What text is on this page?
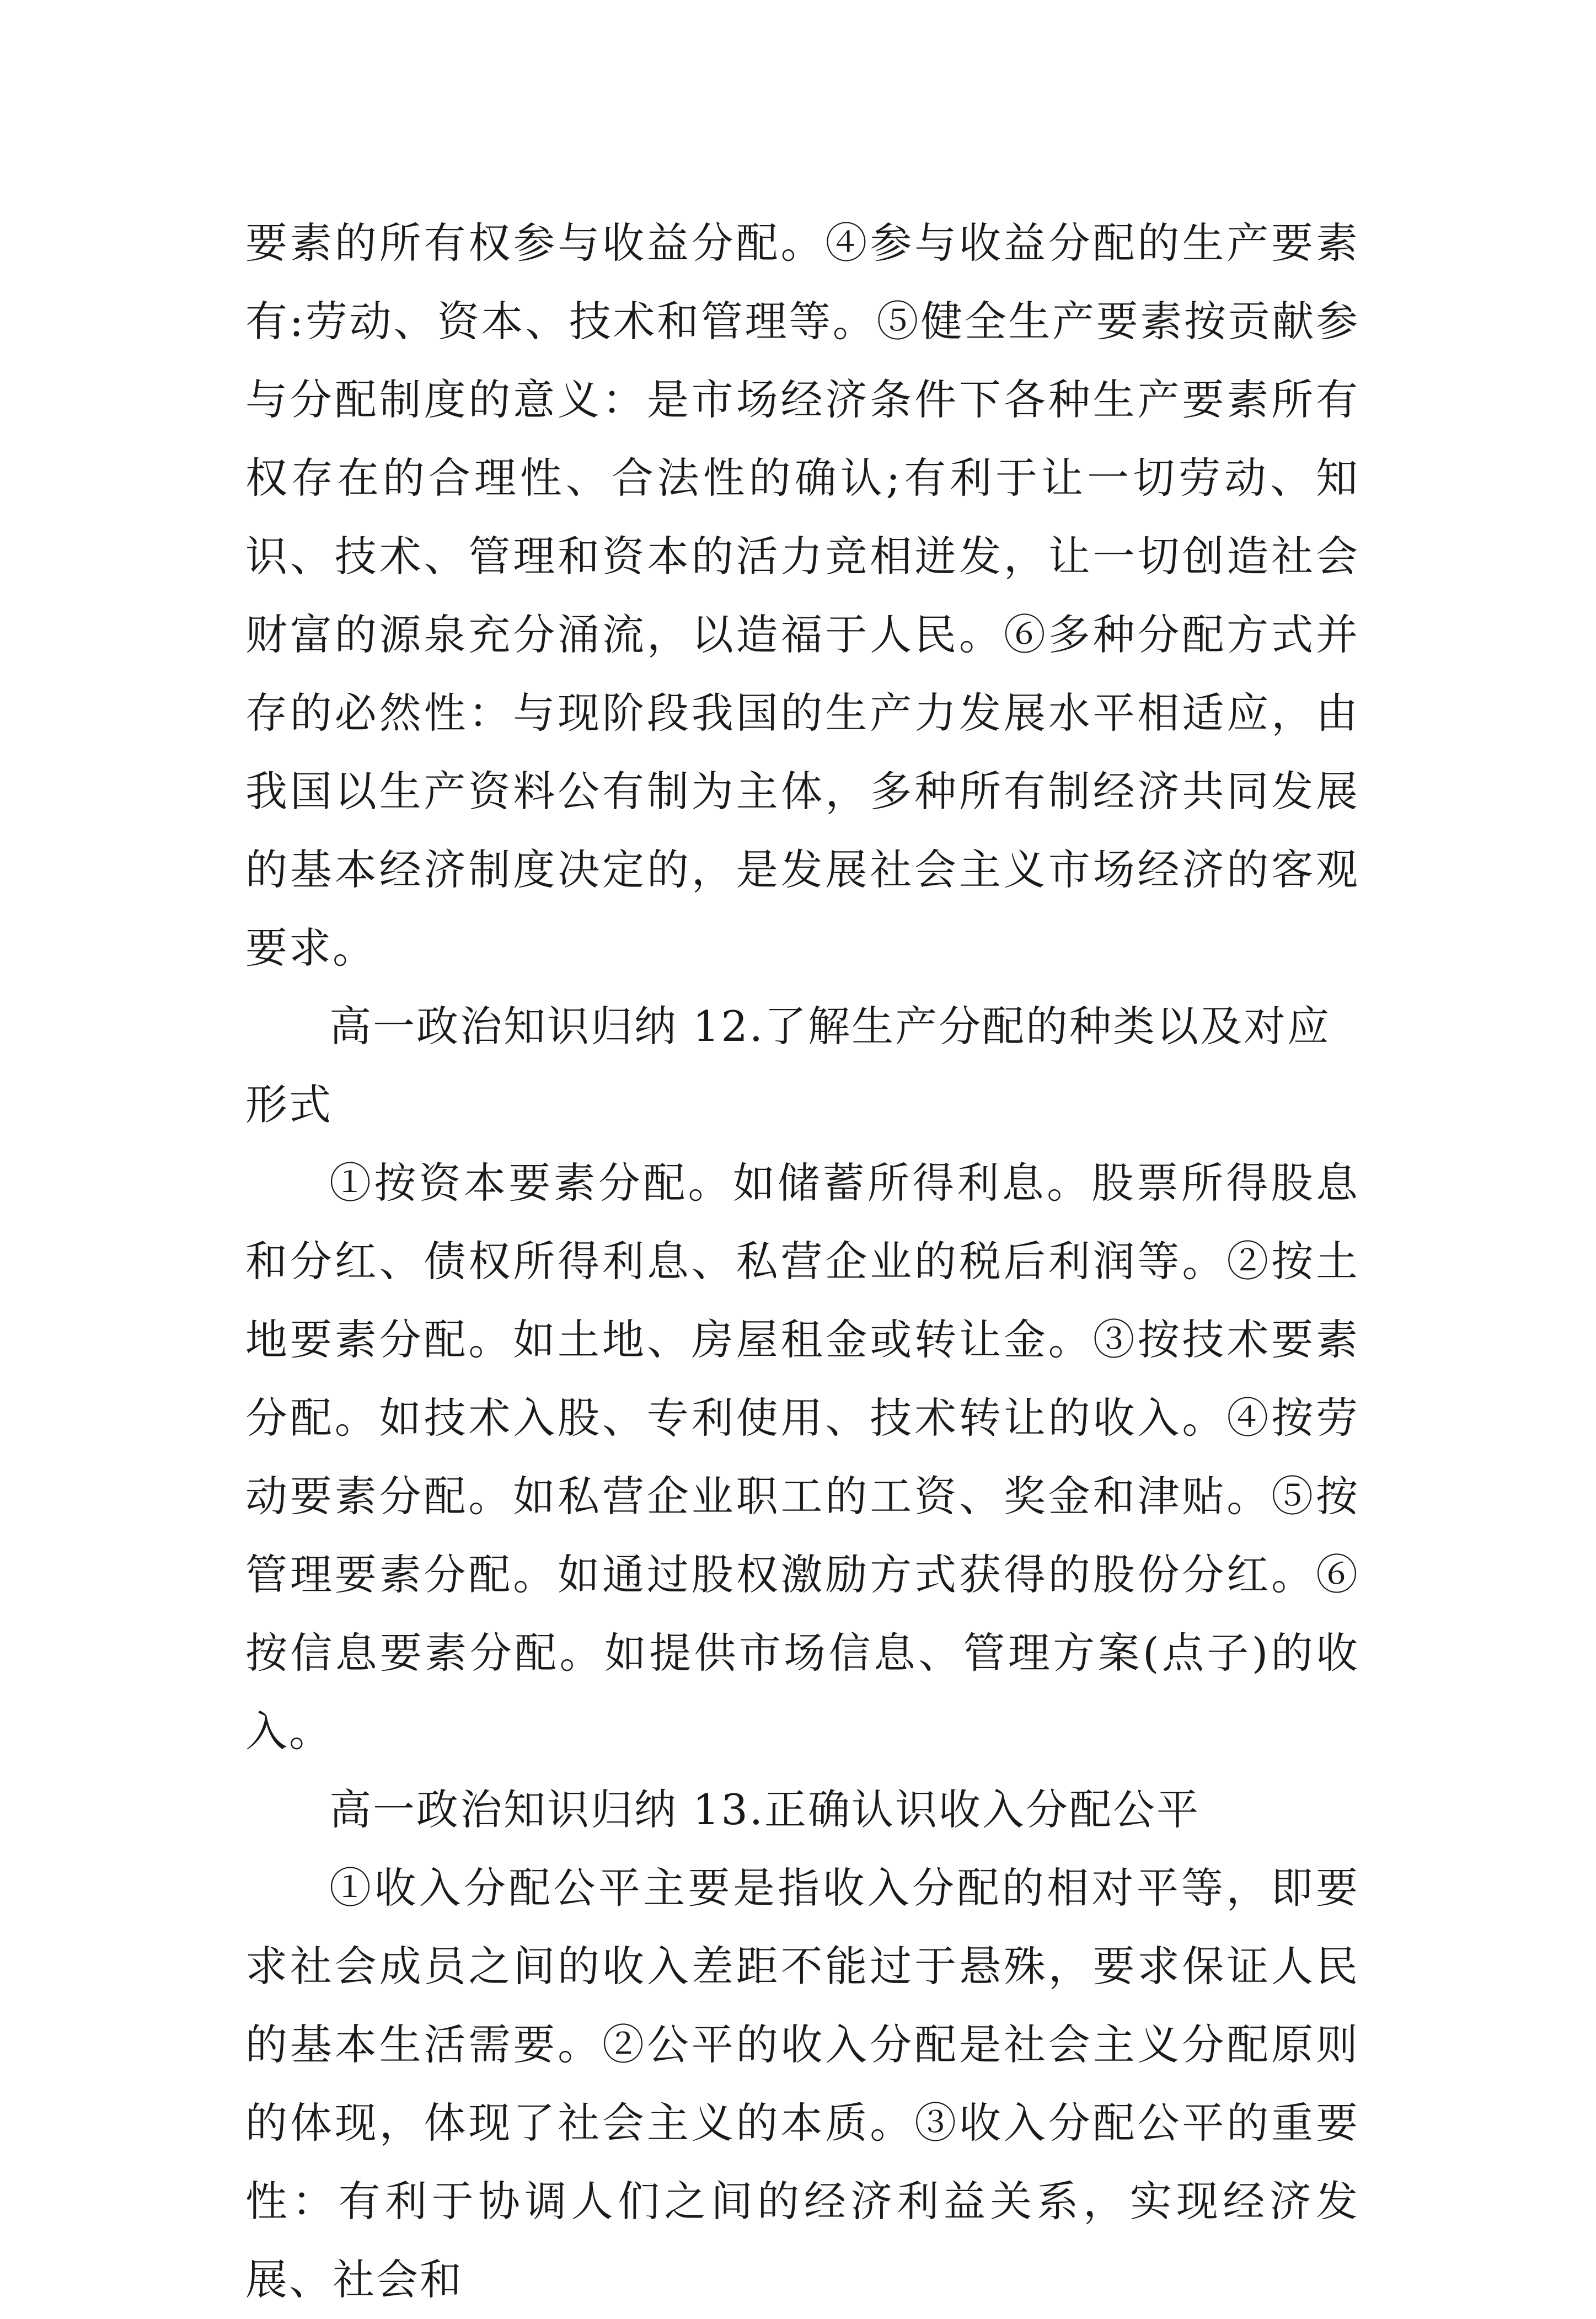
要素的所有权参与收益分配。④参与收益分配的生产要素有:劳动、资本、技术和管理等。⑤健全生产要素按贡献参与分配制度的意义：是市场经济条件下各种生产要素所有权存在的合理性、合法性的确认;有利于让一切劳动、知识、技术、管理和资本的活力竞相迸发，让一切创造社会财富的源泉充分涌流，以造福于人民。⑥多种分配方式并存的必然性：与现阶段我国的生产力发展水平相适应，由我国以生产资料公有制为主体，多种所有制经济共同发展的基本经济制度决定的，是发展社会主义市场经济的客观要求。

高一政治知识归纳 12.了解生产分配的种类以及对应形式

①按资本要素分配。如储蓄所得利息。股票所得股息和分红、债权所得利息、私营企业的税后利润等。②按土地要素分配。如土地、房屋租金或转让金。③按技术要素分配。如技术入股、专利使用、技术转让的收入。④按劳动要素分配。如私营企业职工的工资、奖金和津贴。⑤按管理要素分配。如通过股权激励方式获得的股份分红。⑥按信息要素分配。如提供市场信息、管理方案(点子)的收入。

高一政治知识归纳 13.正确认识收入分配公平

①收入分配公平主要是指收入分配的相对平等，即要求社会成员之间的收入差距不能过于悬殊，要求保证人民的基本生活需要。②公平的收入分配是社会主义分配原则的体现，体现了社会主义的本质。③收入分配公平的重要性：有利于协调人们之间的经济利益关系，实现经济发展、社会和
